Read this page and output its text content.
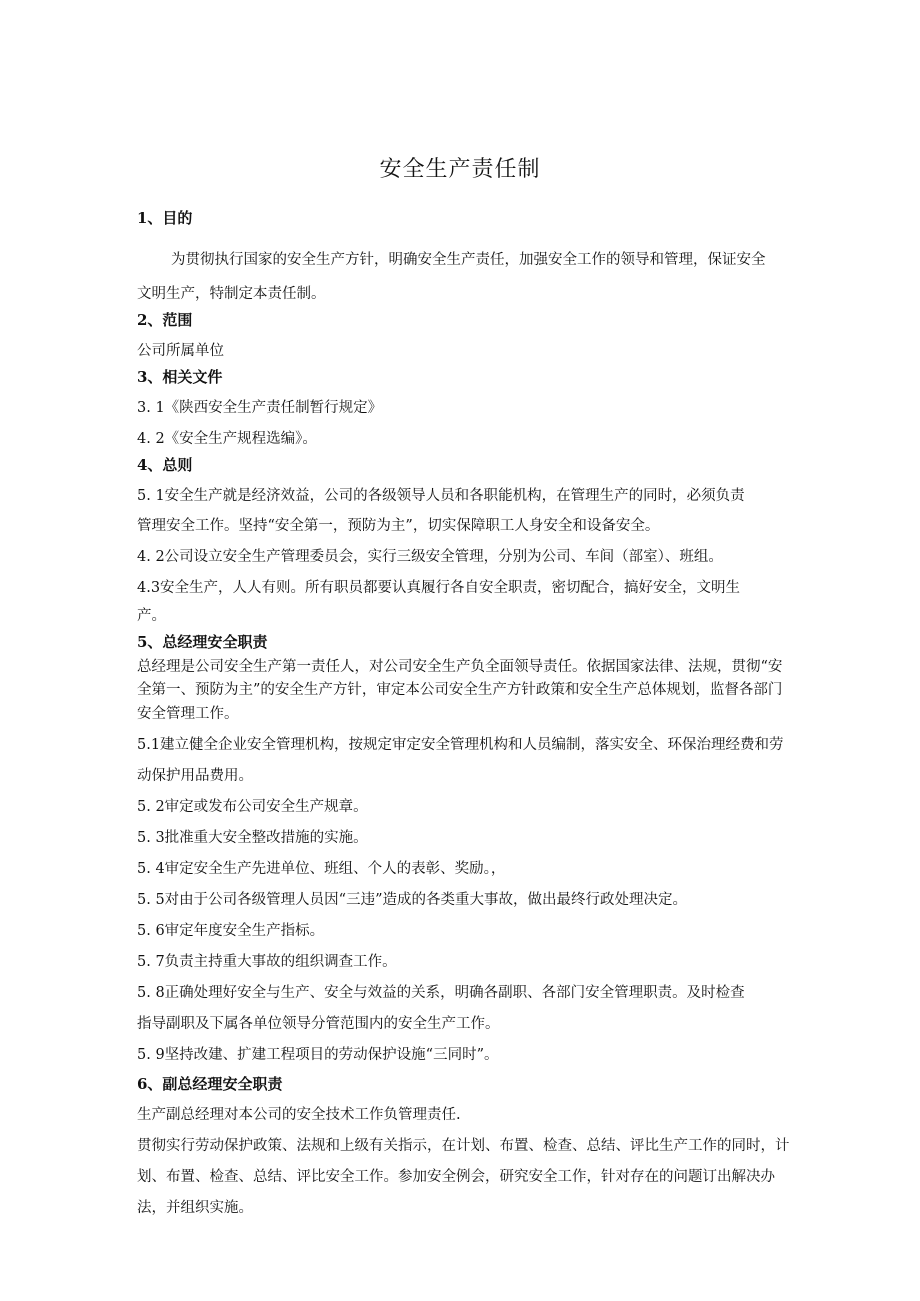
安全生产责任制
1、目的
为贯彻执行国家的安全生产方针，明确安全生产责任，加强安全工作的领导和管理，保证安全
文明生产，特制定本责任制。
2、范围
公司所属单位
3、相关文件
3. 1《陕西安全生产责任制暂行规定》
4. 2《安全生产规程选编》。
4、总则
5. 1安全生产就是经济效益，公司的各级领导人员和各职能机构，在管理生产的同时，必须负责
管理安全工作。坚持“安全第一，预防为主”，切实保障职工人身安全和设备安全。
4. 2公司设立安全生产管理委员会，实行三级安全管理，分别为公司、车间（部室）、班组。
4.3安全生产，人人有则。所有职员都要认真履行各自安全职责，密切配合，搞好安全，文明生
产。
5、总经理安全职责
总经理是公司安全生产第一责任人，对公司安全生产负全面领导责任。依据国家法律、法规，贯彻“安
全第一、预防为主”的安全生产方针，审定本公司安全生产方针政策和安全生产总体规划，监督各部门
安全管理工作。
5.1建立健全企业安全管理机构，按规定审定安全管理机构和人员编制，落实安全、环保治理经费和劳
动保护用品费用。
5. 2审定或发布公司安全生产规章。
5. 3批准重大安全整改措施的实施。
5. 4审定安全生产先进单位、班组、个人的表彰、奖励。，
5. 5对由于公司各级管理人员因“三违”造成的各类重大事故，做出最终行政处理决定。
5. 6审定年度安全生产指标。
5. 7负责主持重大事故的组织调查工作。
5. 8正确处理好安全与生产、安全与效益的关系，明确各副职、各部门安全管理职责。及时检查
指导副职及下属各单位领导分管范围内的安全生产工作。
5. 9坚持改建、扩建工程项目的劳动保护设施“三同时”。
6、副总经理安全职责
生产副总经理对本公司的安全技术工作负管理责任.
贯彻实行劳动保护政策、法规和上级有关指示，在计划、布置、检查、总结、评比生产工作的同时，计
划、布置、检查、总结、评比安全工作。参加安全例会，研究安全工作，针对存在的问题订出解决办
法，并组织实施。
